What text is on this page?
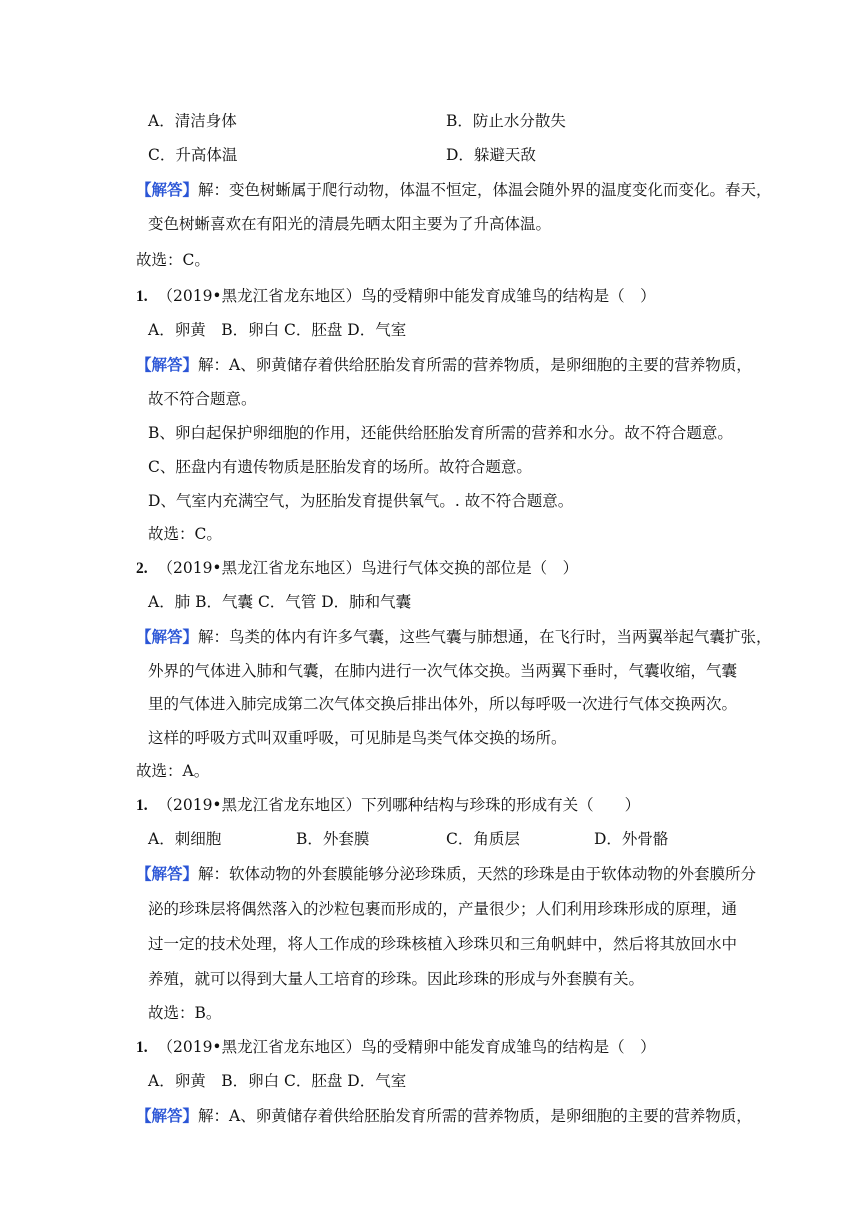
A．清洁身体	B．防止水分散失
C．升高体温	D．躲避天敌
【解答】解：变色树蜥属于爬行动物，体温不恒定，体温会随外界的温度变化而变化。春天，
变色树蜥喜欢在有阳光的清晨先晒太阳主要为了升高体温。
故选：C。
1. （2019•黑龙江省龙东地区）鸟的受精卵中能发育成雏鸟的结构是（　）
A．卵黄　B．卵白 C．胚盘 D．气室
【解答】解：A、卵黄储存着供给胚胎发育所需的营养物质，是卵细胞的主要的营养物质，
故不符合题意。
B、卵白起保护卵细胞的作用，还能供给胚胎发育所需的营养和水分。故不符合题意。
C、胚盘内有遗传物质是胚胎发育的场所。故符合题意。
D、气室内充满空气，为胚胎发育提供氧气。. 故不符合题意。
故选：C。
2. （2019•黑龙江省龙东地区）鸟进行气体交换的部位是（　）
A．肺 B．气囊 C．气管 D．肺和气囊
【解答】解：鸟类的体内有许多气囊，这些气囊与肺想通，在飞行时，当两翼举起气囊扩张，
外界的气体进入肺和气囊，在肺内进行一次气体交换。当两翼下垂时，气囊收缩，气囊
里的气体进入肺完成第二次气体交换后排出体外，所以每呼吸一次进行气体交换两次。
这样的呼吸方式叫双重呼吸，可见肺是鸟类气体交换的场所。
故选：A。
1. （2019•黑龙江省龙东地区）下列哪种结构与珍珠的形成有关（　　）
A．刺细胞	B．外套膜	C．角质层	D．外骨骼
【解答】解：软体动物的外套膜能够分泌珍珠质，天然的珍珠是由于软体动物的外套膜所分
泌的珍珠层将偶然落入的沙粒包裹而形成的，产量很少；人们利用珍珠形成的原理，通
过一定的技术处理，将人工作成的珍珠核植入珍珠贝和三角帆蚌中，然后将其放回水中
养殖，就可以得到大量人工培育的珍珠。因此珍珠的形成与外套膜有关。
故选：B。
1. （2019•黑龙江省龙东地区）鸟的受精卵中能发育成雏鸟的结构是（　）
A．卵黄　B．卵白 C．胚盘 D．气室
【解答】解：A、卵黄储存着供给胚胎发育所需的营养物质，是卵细胞的主要的营养物质，
